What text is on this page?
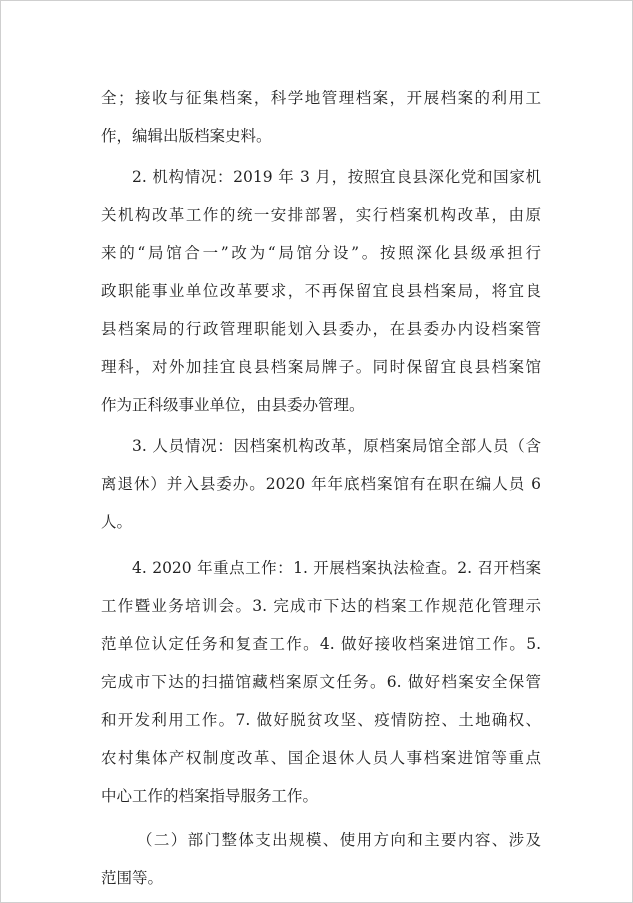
全；接收与征集档案，科学地管理档案，开展档案的利用工
作，编辑出版档案史料。
2. 机构情况：2019 年 3 月，按照宜良县深化党和国家机
关机构改革工作的统一安排部署，实行档案机构改革，由原
来的“局馆合一”改为“局馆分设”。按照深化县级承担行
政职能事业单位改革要求，不再保留宜良县档案局，将宜良
县档案局的行政管理职能划入县委办，在县委办内设档案管
理科，对外加挂宜良县档案局牌子。同时保留宜良县档案馆
作为正科级事业单位，由县委办管理。
3. 人员情况：因档案机构改革，原档案局馆全部人员（含
离退休）并入县委办。2020 年年底档案馆有在职在编人员 6
人。
4. 2020 年重点工作：1. 开展档案执法检查。2. 召开档案
工作暨业务培训会。3. 完成市下达的档案工作规范化管理示
范单位认定任务和复查工作。4. 做好接收档案进馆工作。5.
完成市下达的扫描馆藏档案原文任务。6. 做好档案安全保管
和开发利用工作。7. 做好脱贫攻坚、疫情防控、土地确权、
农村集体产权制度改革、国企退休人员人事档案进馆等重点
中心工作的档案指导服务工作。
（二）部门整体支出规模、使用方向和主要内容、涉及
范围等。
